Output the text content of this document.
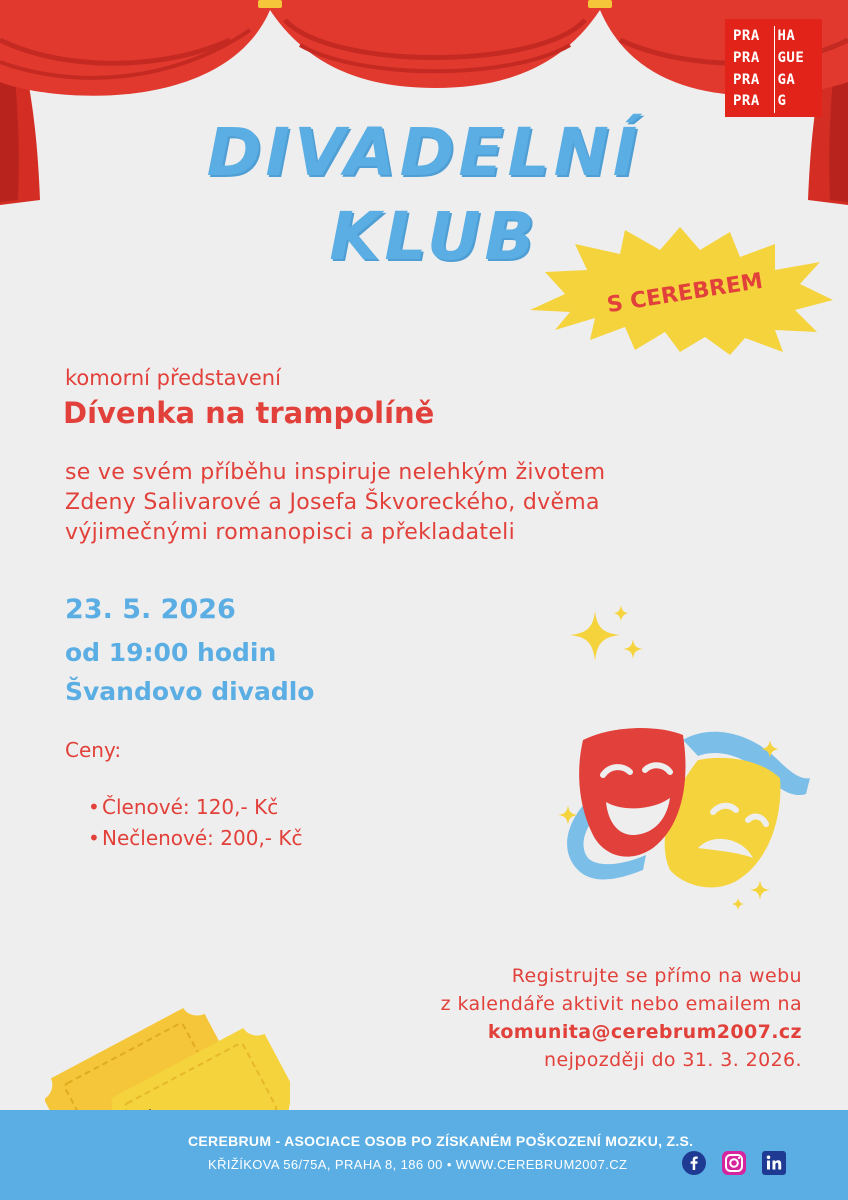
PRA	HA
PRA	GUE
PRA	GA
PRA	G
DIVADELNÍ
KLUB
S CEREBREM
komorní představení
Dívenka na trampolíně
se ve svém příběhu inspiruje nelehkým životem
Zdeny Salivarové a Josefa Škvoreckého, dvěma
výjimečnými romanopisci a překladateli
23. 5. 2026
od 19:00 hodin
Švandovo divadlo
Ceny:
• Členové: 120,- Kč
• Nečlenové: 200,- Kč
Registrujte se přímo na webu
z kalendáře aktivit nebo emailem na
komunita@cerebrum2007.cz
nejpozději do 31. 3. 2026.
CEREBRUM - ASOCIACE OSOB PO ZÍSKANÉM POŠKOZENÍ MOZKU, Z.S.
KŘIŽÍKOVA 56/75A, PRAHA 8, 186 00 • WWW.CEREBRUM2007.CZ
